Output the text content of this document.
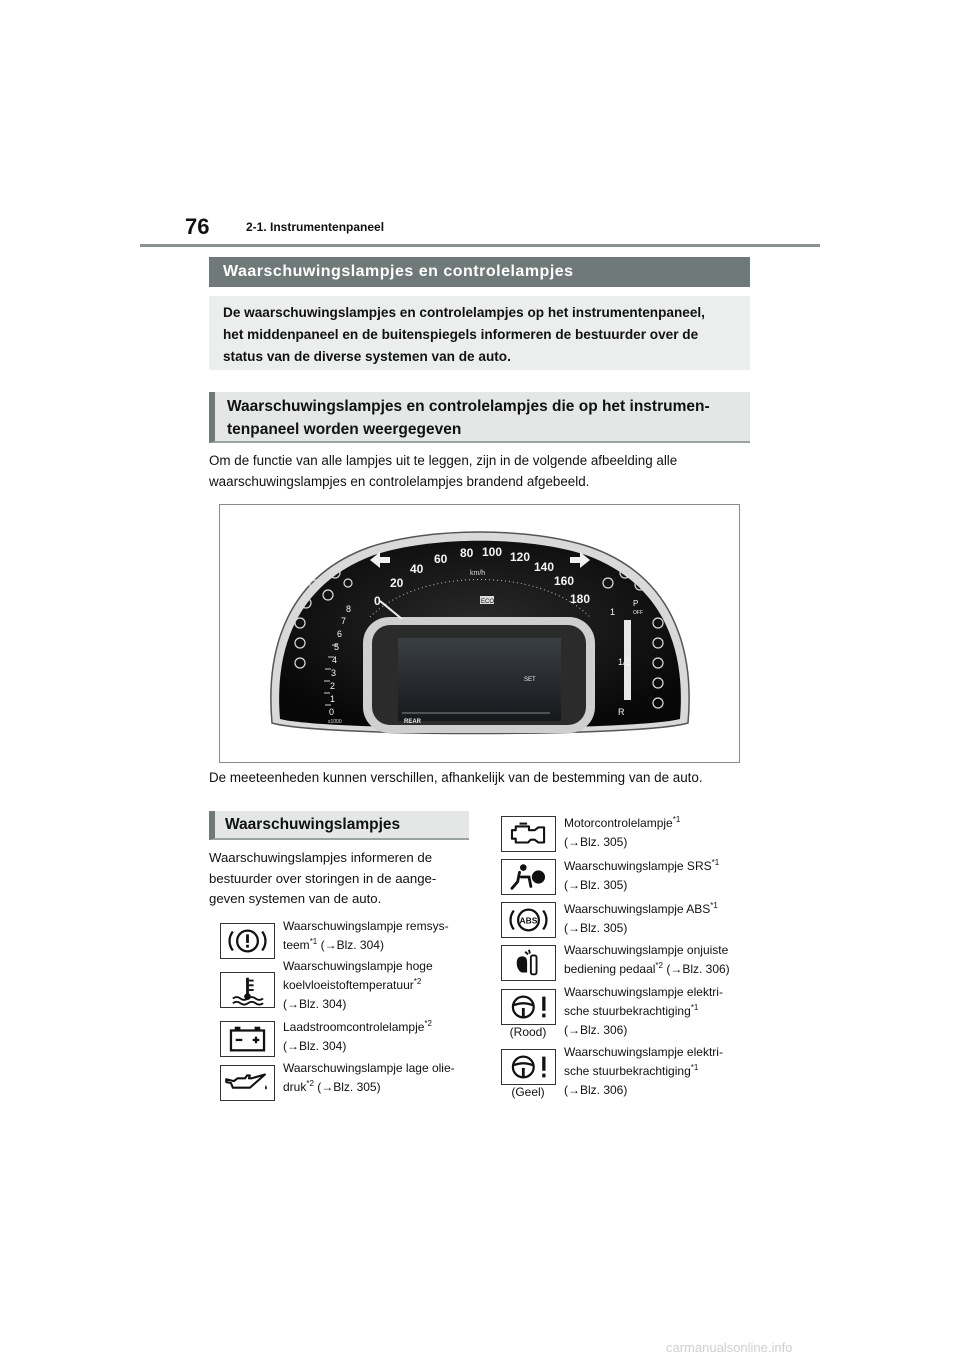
76	2-1. Instrumentenpaneel
Waarschuwingslampjes en controlelampjes
De waarschuwingslampjes en controlelampjes op het instrumentenpaneel,
het middenpaneel en de buitenspiegels informeren de bestuurder over de
status van de diverse systemen van de auto.
Waarschuwingslampjes en controlelampjes die op het instrumen-
tenpaneel worden weergegeven
Om de functie van alle lampjes uit te leggen, zijn in de volgende afbeelding alle
waarschuwingslampjes en controlelampjes brandend afgebeeld.
0
20
40
60 80 100 120
140
160
180
km/h
ECO
0
1
2
3
4
5
6
7
8
x1000
r/min
1
1/2
R
P
OFF
SET
REAR
De meeteenheden kunnen verschillen, afhankelijk van de bestemming van de auto.
Waarschuwingslampjes
Waarschuwingslampjes informeren de
bestuurder over storingen in de aange-
geven systemen van de auto.
Waarschuwingslampje remsys-
teem$^{*1}$ (→Blz. 304)
Waarschuwingslampje hoge
koelvloeistoftemperatuur$^{*2}$
(→Blz. 304)
Laadstroomcontrolelampje$^{*2}$
(→Blz. 304)
Waarschuwingslampje lage olie-
druk$^{*2}$ (→Blz. 305)
ABS
(Rood)
(Geel)
Motorcontrolelampje$^{*1}$
(→Blz. 305)
Waarschuwingslampje SRS$^{*1}$
(→Blz. 305)
Waarschuwingslampje ABS$^{*1}$
(→Blz. 305)
Waarschuwingslampje onjuiste
bediening pedaal$^{*2}$ (→Blz. 306)
Waarschuwingslampje elektri-
sche stuurbekrachtiging$^{*1}$
(→Blz. 306)
Waarschuwingslampje elektri-
sche stuurbekrachtiging$^{*1}$
(→Blz. 306)
carmanualsonline.info
